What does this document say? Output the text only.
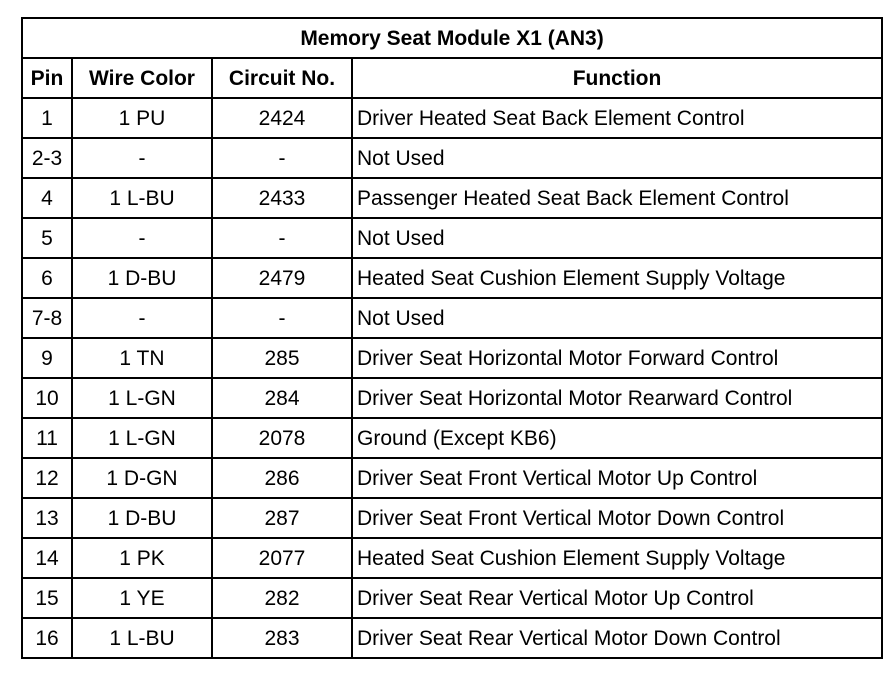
Memory Seat Module X1 (AN3)			
Pin	Wire Color	Circuit No.	Function
1	1 PU	2424	Driver Heated Seat Back Element Control
2-3	-	-	Not Used
4	1 L-BU	2433	Passenger Heated Seat Back Element Control
5	-	-	Not Used
6	1 D-BU	2479	Heated Seat Cushion Element Supply Voltage
7-8	-	-	Not Used
9	1 TN	285	Driver Seat Horizontal Motor Forward Control
10	1 L-GN	284	Driver Seat Horizontal Motor Rearward Control
11	1 L-GN	2078	Ground (Except KB6)
12	1 D-GN	286	Driver Seat Front Vertical Motor Up Control
13	1 D-BU	287	Driver Seat Front Vertical Motor Down Control
14	1 PK	2077	Heated Seat Cushion Element Supply Voltage
15	1 YE	282	Driver Seat Rear Vertical Motor Up Control
16	1 L-BU	283	Driver Seat Rear Vertical Motor Down Control
